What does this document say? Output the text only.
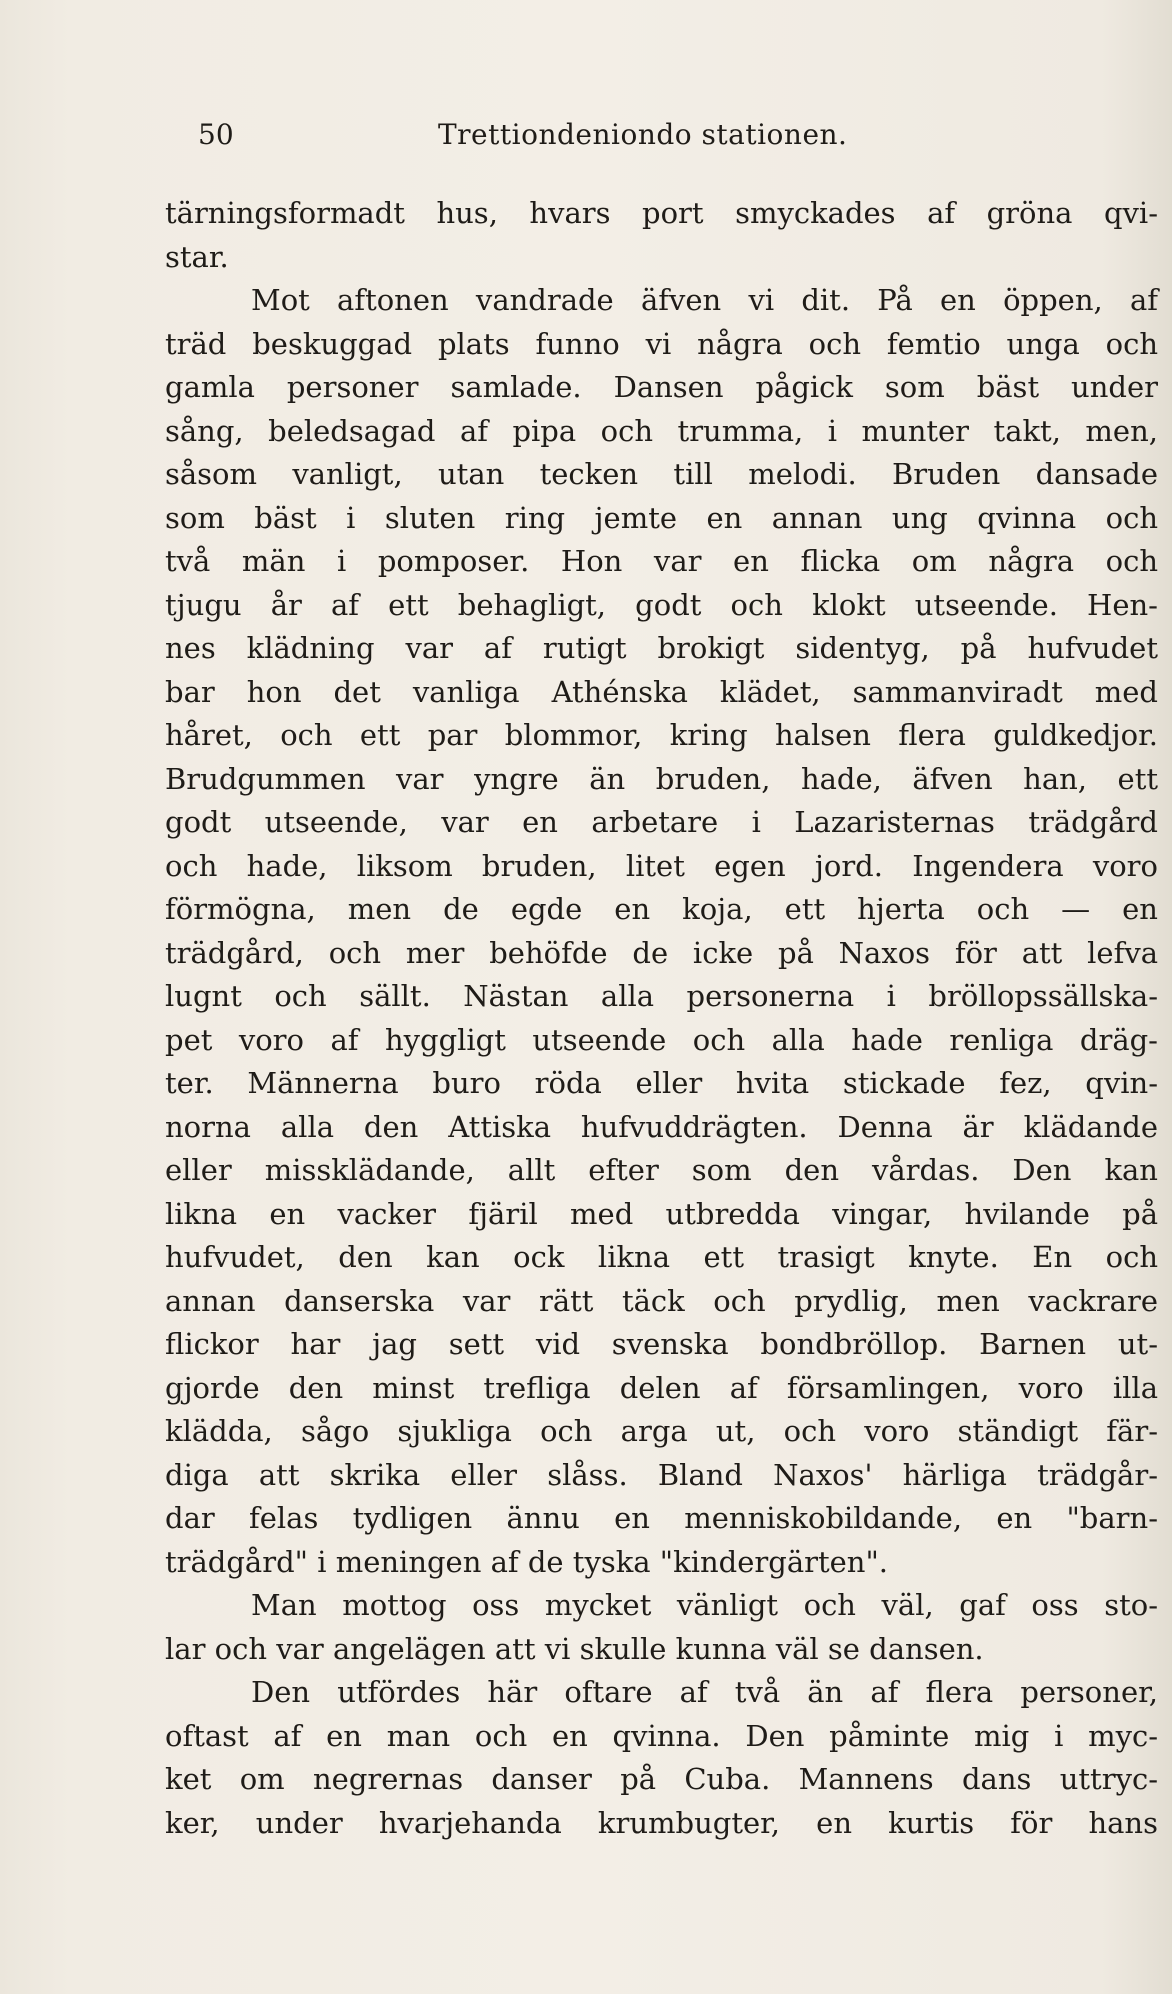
50	Trettiondeniondo stationen.
tärningsformadt hus, hvars port smyckades af gröna qvi-
star.
Mot aftonen vandrade äfven vi dit. På en öppen, af
träd beskuggad plats funno vi några och femtio unga och
gamla personer samlade. Dansen pågick som bäst under
sång, beledsagad af pipa och trumma, i munter takt, men,
såsom vanligt, utan tecken till melodi. Bruden dansade
som bäst i sluten ring jemte en annan ung qvinna och
två män i pomposer. Hon var en flicka om några och
tjugu år af ett behagligt, godt och klokt utseende. Hen-
nes klädning var af rutigt brokigt sidentyg, på hufvudet
bar hon det vanliga Athénska klädet, sammanviradt med
håret, och ett par blommor, kring halsen flera guldkedjor.
Brudgummen var yngre än bruden, hade, äfven han, ett
godt utseende, var en arbetare i Lazaristernas trädgård
och hade, liksom bruden, litet egen jord. Ingendera voro
förmögna, men de egde en koja, ett hjerta och — en
trädgård, och mer behöfde de icke på Naxos för att lefva
lugnt och sällt. Nästan alla personerna i bröllopssällska-
pet voro af hyggligt utseende och alla hade renliga dräg-
ter. Männerna buro röda eller hvita stickade fez, qvin-
norna alla den Attiska hufvuddrägten. Denna är klädande
eller missklädande, allt efter som den vårdas. Den kan
likna en vacker fjäril med utbredda vingar, hvilande på
hufvudet, den kan ock likna ett trasigt knyte. En och
annan danserska var rätt täck och prydlig, men vackrare
flickor har jag sett vid svenska bondbröllop. Barnen ut-
gjorde den minst trefliga delen af församlingen, voro illa
klädda, sågo sjukliga och arga ut, och voro ständigt fär-
diga att skrika eller slåss. Bland Naxos' härliga trädgår-
dar felas tydligen ännu en menniskobildande, en "barn-
trädgård" i meningen af de tyska "kindergärten".
Man mottog oss mycket vänligt och väl, gaf oss sto-
lar och var angelägen att vi skulle kunna väl se dansen.
Den utfördes här oftare af två än af flera personer,
oftast af en man och en qvinna. Den påminte mig i myc-
ket om negrernas danser på Cuba. Mannens dans uttryc-
ker, under hvarjehanda krumbugter, en kurtis för hans
